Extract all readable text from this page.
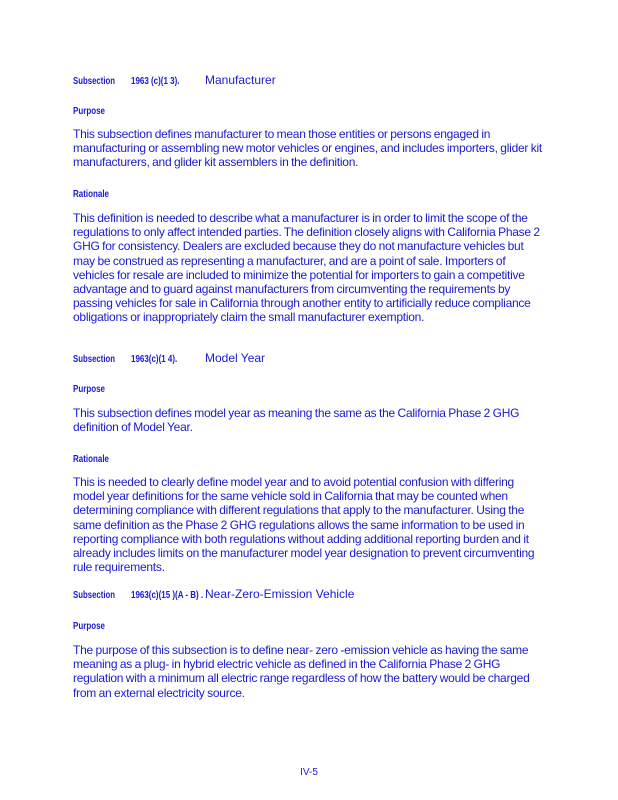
Subsection	1963 (c)(1 3).	Manufacturer
Purpose

This subsection defines manufacturer to mean those entities or persons engaged in manufacturing or assembling new motor vehicles or engines, and includes importers, glider kit manufacturers, and glider kit assemblers in the definition.

Rationale

This definition is needed to describe what a manufacturer is in order to limit the scope of the regulations to only affect intended parties. The definition closely aligns with California Phase 2 GHG for consistency. Dealers are excluded because they do not manufacture vehicles but may be construed as representing a manufacturer, and are a point of sale. Importers of vehicles for resale are included to minimize the potential for importers to gain a competitive advantage and to guard against manufacturers from circumventing the requirements by passing vehicles for sale in California through another entity to artificially reduce compliance obligations or inappropriately claim the small manufacturer exemption.

Subsection	1963(c)(1 4).	Model Year
Purpose

This subsection defines model year as meaning the same as the California Phase 2 GHG definition of Model Year.

Rationale

This is needed to clearly define model year and to avoid potential confusion with differing model year definitions for the same vehicle sold in California that may be counted when determining compliance with different regulations that apply to the manufacturer. Using the same definition as the Phase 2 GHG regulations allows the same information to be used in reporting compliance with both regulations without adding additional reporting burden and it already includes limits on the manufacturer model year designation to prevent circumventing rule requirements.

Subsection	1963(c)(15 )(A - B) . Near-Zero-Emission Vehicle
Purpose

The purpose of this subsection is to define near- zero -emission vehicle as having the same meaning as a plug- in hybrid electric vehicle as defined in the California Phase 2 GHG regulation with a minimum all electric range regardless of how the battery would be charged from an external electricity source.

IV-5
